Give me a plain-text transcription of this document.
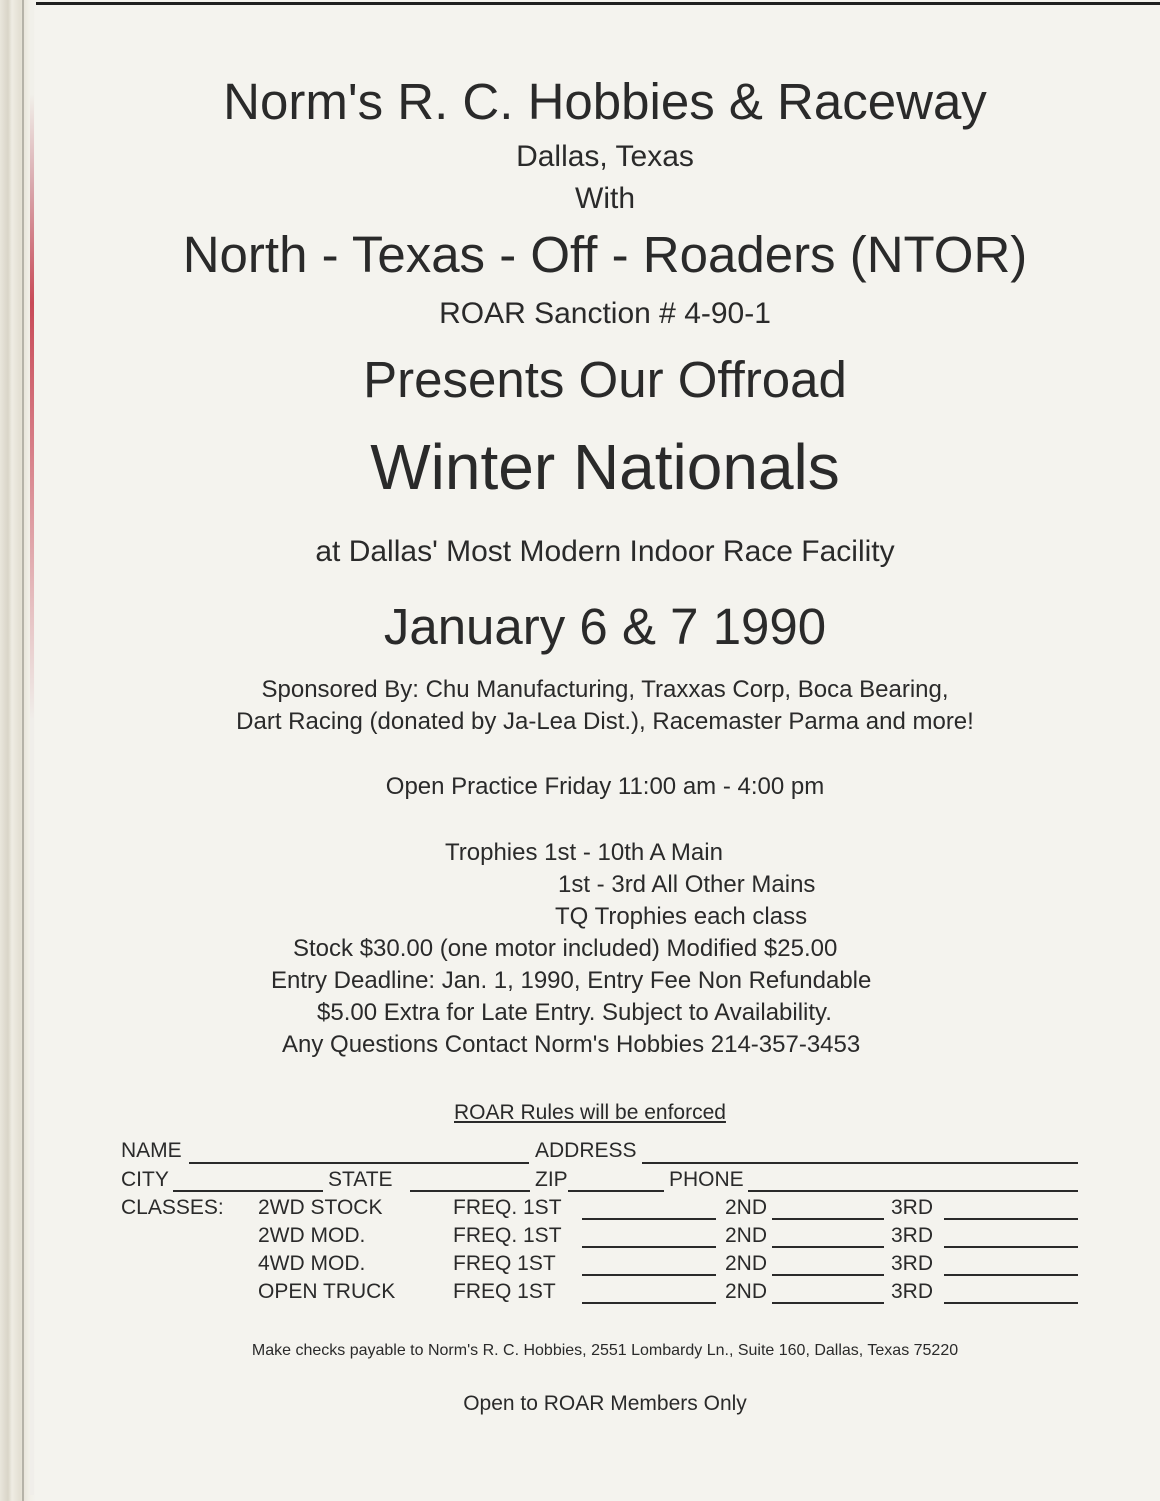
Norm's R. C. Hobbies & Raceway
Dallas, Texas
With
North - Texas - Off - Roaders (NTOR)
ROAR Sanction # 4-90-1
Presents Our Offroad
Winter Nationals
at Dallas' Most Modern Indoor Race Facility
January 6 & 7 1990
Sponsored By: Chu Manufacturing, Traxxas Corp, Boca Bearing,
Dart Racing (donated by Ja-Lea Dist.), Racemaster Parma and more!
Open Practice Friday 11:00 am - 4:00 pm
Trophies 1st - 10th A Main
1st - 3rd All Other Mains
TQ Trophies each class
Stock $30.00 (one motor included) Modified $25.00
Entry Deadline: Jan. 1, 1990, Entry Fee Non Refundable
$5.00 Extra for Late Entry. Subject to Availability.
Any Questions Contact Norm's Hobbies 214-357-3453
ROAR Rules will be enforced
NAME	ADDRESS
CITY	STATE	ZIP	PHONE
CLASSES: 2WD STOCK	FREQ. 1ST	2ND	3RD
2WD MOD.	FREQ. 1ST	2ND	3RD
4WD MOD.	FREQ 1ST	2ND	3RD
OPEN TRUCK	FREQ 1ST	2ND	3RD
Make checks payable to Norm's R. C. Hobbies, 2551 Lombardy Ln., Suite 160, Dallas, Texas 75220
Open to ROAR Members Only
